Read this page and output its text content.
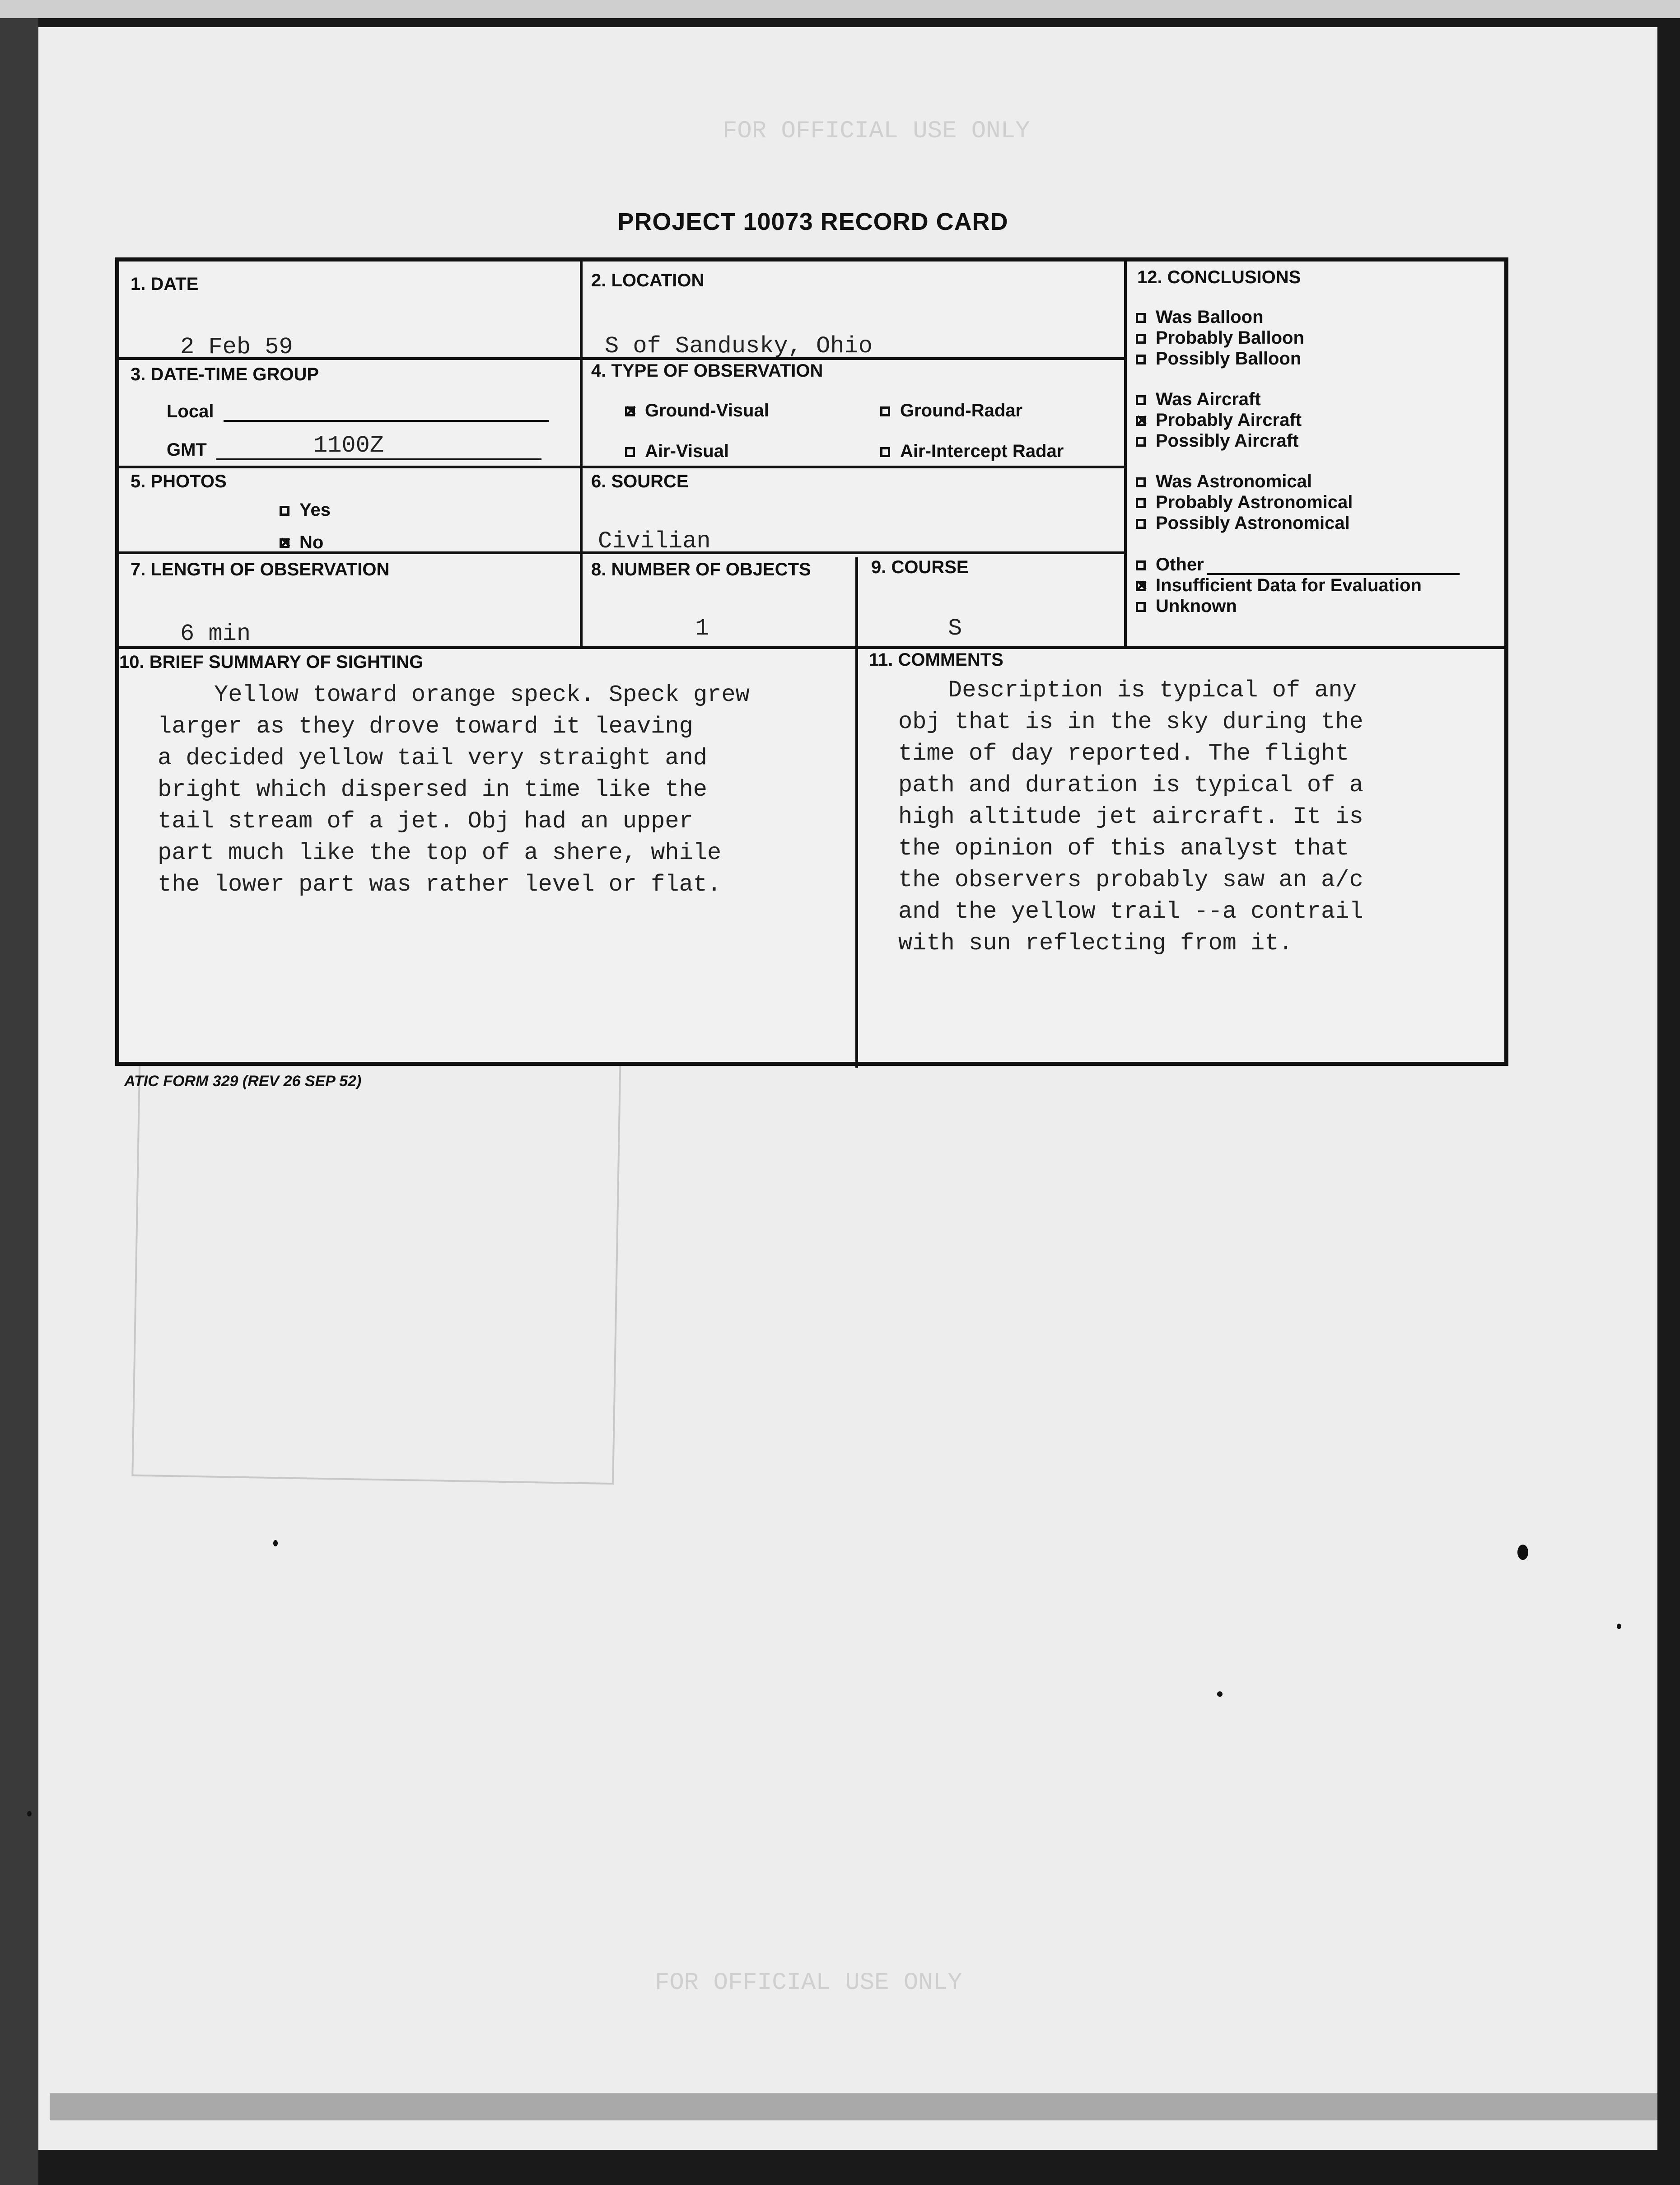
FOR OFFICIAL USE ONLY
FOR OFFICIAL USE ONLY
PROJECT 10073 RECORD CARD
1. DATE
2 Feb 59
2. LOCATION
S of Sandusky, Ohio
3. DATE-TIME GROUP
Local
GMT	1100Z
4. TYPE OF OBSERVATION
×Ground-Visual	Ground-Radar
Air-Visual	Air-Intercept Radar
5. PHOTOS
Yes
×No
6. SOURCE
Civilian
7. LENGTH OF OBSERVATION
6 min
8. NUMBER OF OBJECTS
1
9. COURSE
S
10. BRIEF SUMMARY OF SIGHTING
Yellow toward orange speck. Speck grew
larger as they drove toward it leaving
a decided yellow tail very straight and
bright which dispersed in time like the
tail stream of a jet. Obj had an upper
part much like the top of a shere, while
the lower part was rather level or flat.
11. COMMENTS
Description is typical of any
obj that is in the sky during the
time of day reported. The flight
path and duration is typical of a
high altitude jet aircraft. It is
the opinion of this analyst that
the observers probably saw an a/c
and the yellow trail --a contrail
with sun reflecting from it.
12. CONCLUSIONS
Was Balloon
Probably Balloon
Possibly Balloon
Was Aircraft
×Probably Aircraft
Possibly Aircraft
Was Astronomical
Probably Astronomical
Possibly Astronomical
Other
×Insufficient Data for Evaluation
Unknown
ATIC FORM 329 (REV 26 SEP 52)
